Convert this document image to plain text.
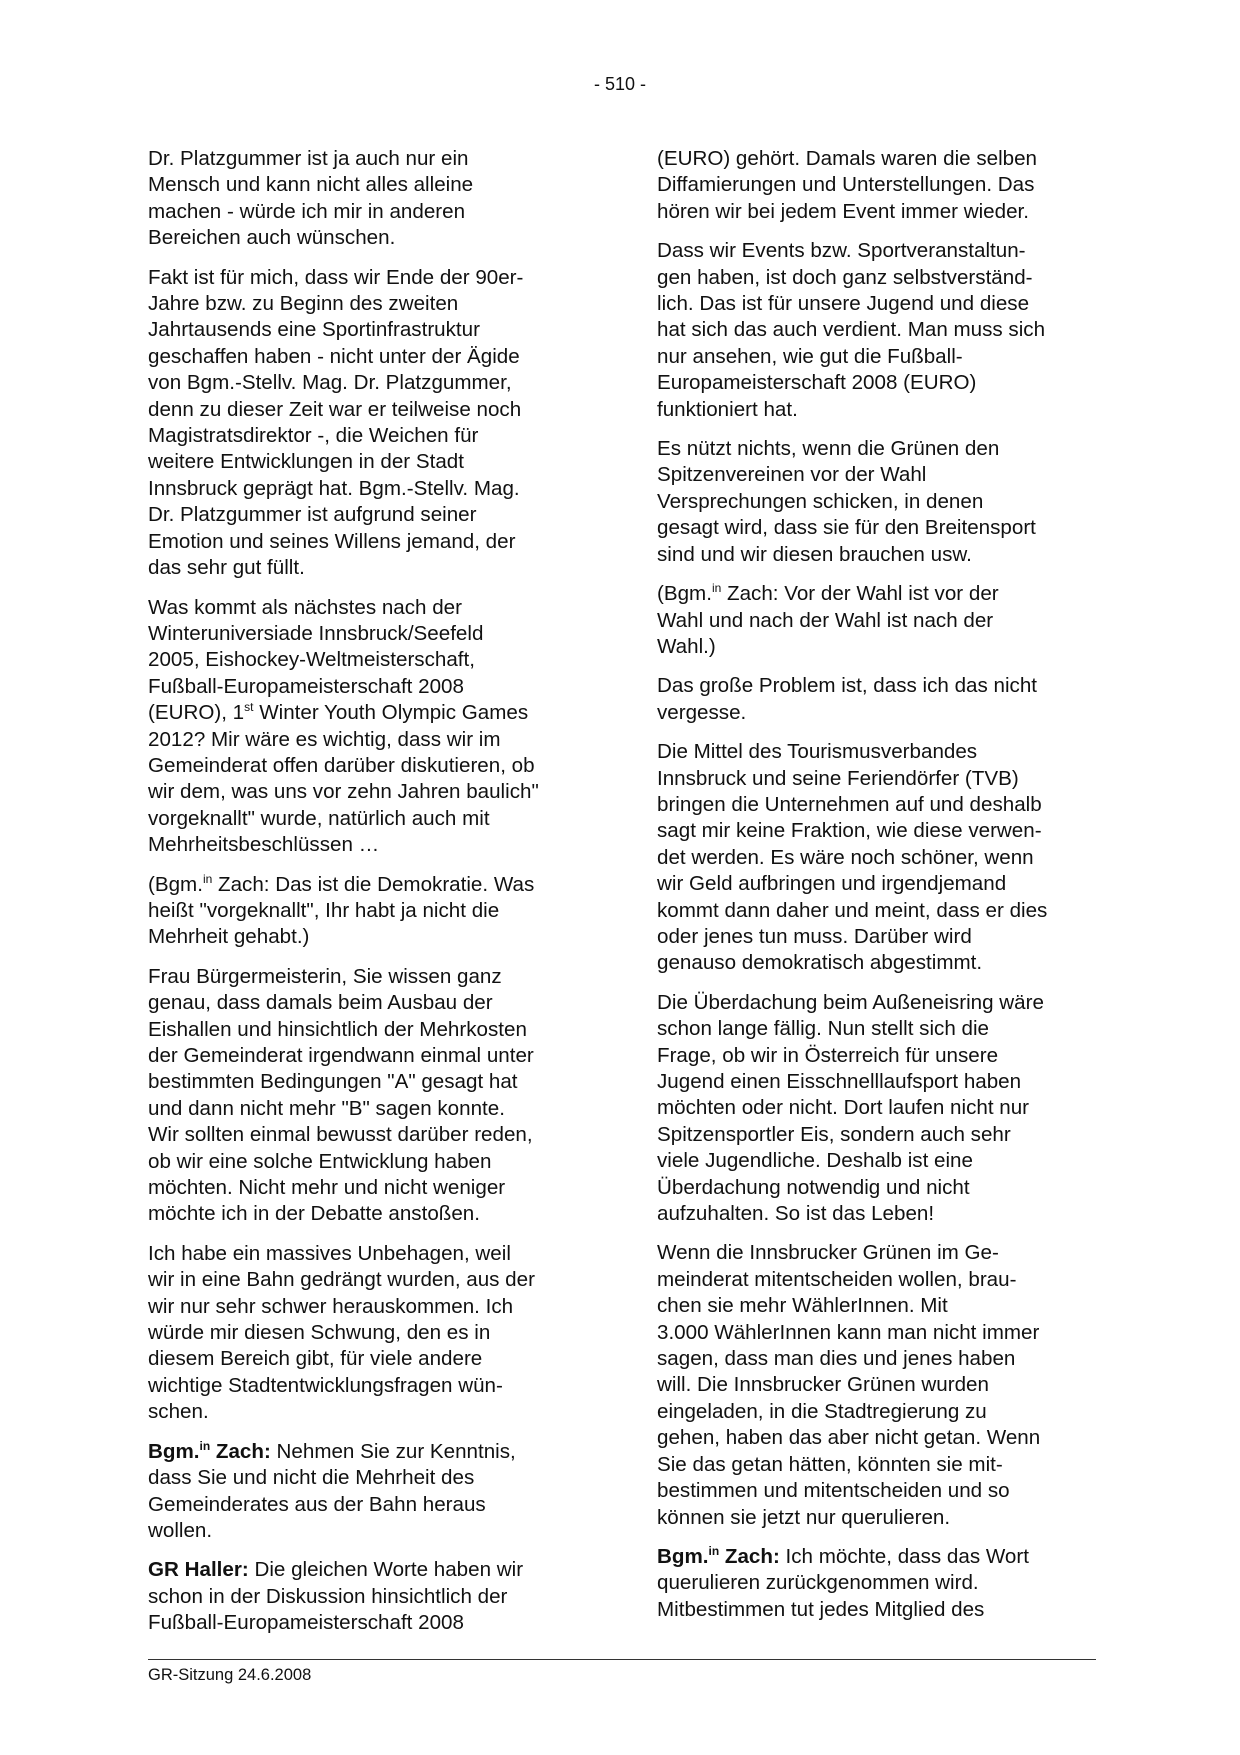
- 510 -
Dr. Platzgummer ist ja auch nur ein
Mensch und kann nicht alles alleine
machen - würde ich mir in anderen
Bereichen auch wünschen.
Fakt ist für mich, dass wir Ende der 90er-
Jahre bzw. zu Beginn des zweiten
Jahrtausends eine Sportinfrastruktur
geschaffen haben - nicht unter der Ägide
von Bgm.-Stellv. Mag. Dr. Platzgummer,
denn zu dieser Zeit war er teilweise noch
Magistratsdirektor -, die Weichen für
weitere Entwicklungen in der Stadt
Innsbruck geprägt hat. Bgm.-Stellv. Mag.
Dr. Platzgummer ist aufgrund seiner
Emotion und seines Willens jemand, der
das sehr gut füllt.
Was kommt als nächstes nach der
Winteruniversiade Innsbruck/Seefeld
2005, Eishockey-Weltmeisterschaft,
Fußball-Europameisterschaft 2008
(EURO), 1st Winter Youth Olympic Games
2012? Mir wäre es wichtig, dass wir im
Gemeinderat offen darüber diskutieren, ob
wir dem, was uns vor zehn Jahren baulich"
vorgeknallt" wurde, natürlich auch mit
Mehrheitsbeschlüssen …
(Bgm.$^{in}$ Zach: Das ist die Demokratie. Was
heißt "vorgeknallt", Ihr habt ja nicht die
Mehrheit gehabt.)
Frau Bürgermeisterin, Sie wissen ganz
genau, dass damals beim Ausbau der
Eishallen und hinsichtlich der Mehrkosten
der Gemeinderat irgendwann einmal unter
bestimmten Bedingungen "A" gesagt hat
und dann nicht mehr "B" sagen konnte.
Wir sollten einmal bewusst darüber reden,
ob wir eine solche Entwicklung haben
möchten. Nicht mehr und nicht weniger
möchte ich in der Debatte anstoßen.
Ich habe ein massives Unbehagen, weil
wir in eine Bahn gedrängt wurden, aus der
wir nur sehr schwer herauskommen. Ich
würde mir diesen Schwung, den es in
diesem Bereich gibt, für viele andere
wichtige Stadtentwicklungsfragen wün-
schen.
Bgm.$^{in}$ Zach: Nehmen Sie zur Kenntnis,
dass Sie und nicht die Mehrheit des
Gemeinderates aus der Bahn heraus
wollen.
GR Haller: Die gleichen Worte haben wir
schon in der Diskussion hinsichtlich der
Fußball-Europameisterschaft 2008
(EURO) gehört. Damals waren die selben
Diffamierungen und Unterstellungen. Das
hören wir bei jedem Event immer wieder.
Dass wir Events bzw. Sportveranstaltun-
gen haben, ist doch ganz selbstverständ-
lich. Das ist für unsere Jugend und diese
hat sich das auch verdient. Man muss sich
nur ansehen, wie gut die Fußball-
Europameisterschaft 2008 (EURO)
funktioniert hat.
Es nützt nichts, wenn die Grünen den
Spitzenvereinen vor der Wahl
Versprechungen schicken, in denen
gesagt wird, dass sie für den Breitensport
sind und wir diesen brauchen usw.
(Bgm.$^{in}$ Zach: Vor der Wahl ist vor der
Wahl und nach der Wahl ist nach der
Wahl.)
Das große Problem ist, dass ich das nicht
vergesse.
Die Mittel des Tourismusverbandes
Innsbruck und seine Feriendörfer (TVB)
bringen die Unternehmen auf und deshalb
sagt mir keine Fraktion, wie diese verwen-
det werden. Es wäre noch schöner, wenn
wir Geld aufbringen und irgendjemand
kommt dann daher und meint, dass er dies
oder jenes tun muss. Darüber wird
genauso demokratisch abgestimmt.
Die Überdachung beim Außeneisring wäre
schon lange fällig. Nun stellt sich die
Frage, ob wir in Österreich für unsere
Jugend einen Eisschnelllaufsport haben
möchten oder nicht. Dort laufen nicht nur
Spitzensportler Eis, sondern auch sehr
viele Jugendliche. Deshalb ist eine
Überdachung notwendig und nicht
aufzuhalten. So ist das Leben!
Wenn die Innsbrucker Grünen im Ge-
meinderat mitentscheiden wollen, brau-
chen sie mehr WählerInnen. Mit
3.000 WählerInnen kann man nicht immer
sagen, dass man dies und jenes haben
will. Die Innsbrucker Grünen wurden
eingeladen, in die Stadtregierung zu
gehen, haben das aber nicht getan. Wenn
Sie das getan hätten, könnten sie mit-
bestimmen und mitentscheiden und so
können sie jetzt nur querulieren.
Bgm.$^{in}$ Zach: Ich möchte, dass das Wort
querulieren zurückgenommen wird.
Mitbestimmen tut jedes Mitglied des
GR-Sitzung 24.6.2008
